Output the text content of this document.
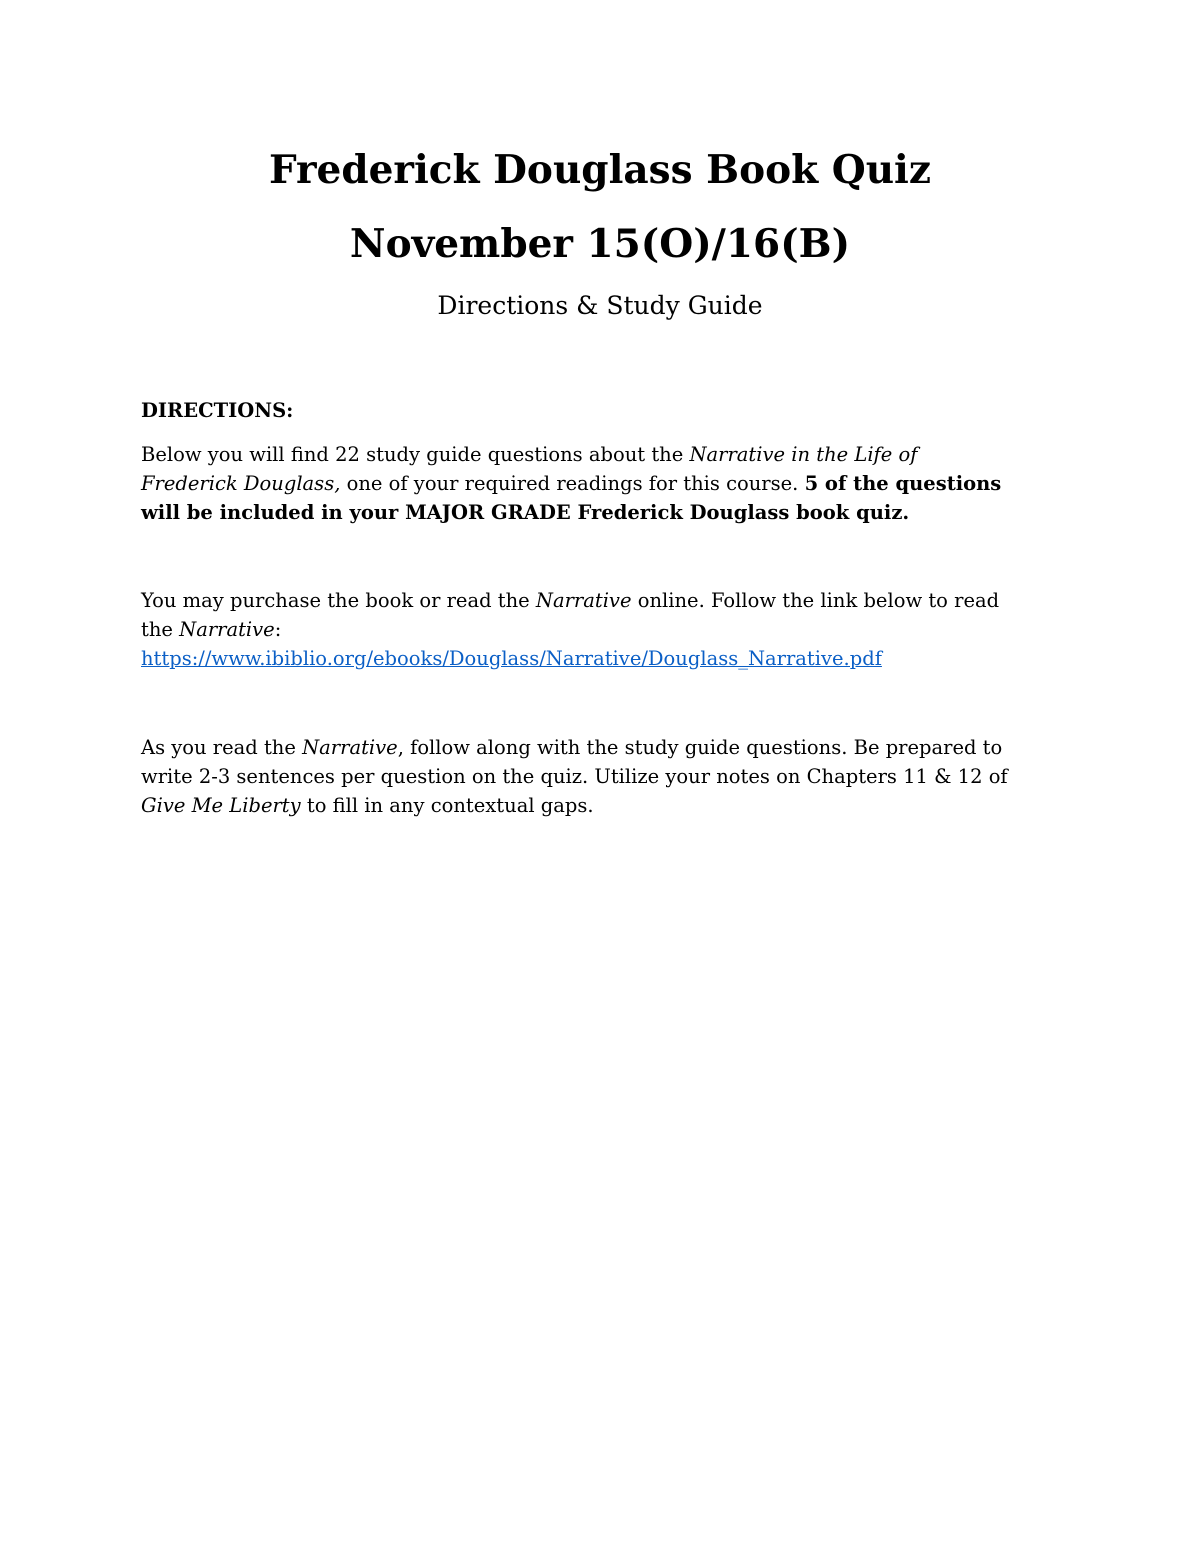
Frederick Douglass Book Quiz
November 15(O)/16(B)

Directions & Study Guide

DIRECTIONS:

Below you will find 22 study guide questions about the Narrative in the Life of
Frederick Douglass, one of your required readings for this course. 5 of the questions
will be included in your MAJOR GRADE Frederick Douglass book quiz.

You may purchase the book or read the Narrative online. Follow the link below to read
the Narrative:
https://www.ibiblio.org/ebooks/Douglass/Narrative/Douglass_Narrative.pdf

As you read the Narrative, follow along with the study guide questions. Be prepared to
write 2-3 sentences per question on the quiz. Utilize your notes on Chapters 11 & 12 of
Give Me Liberty to fill in any contextual gaps.
